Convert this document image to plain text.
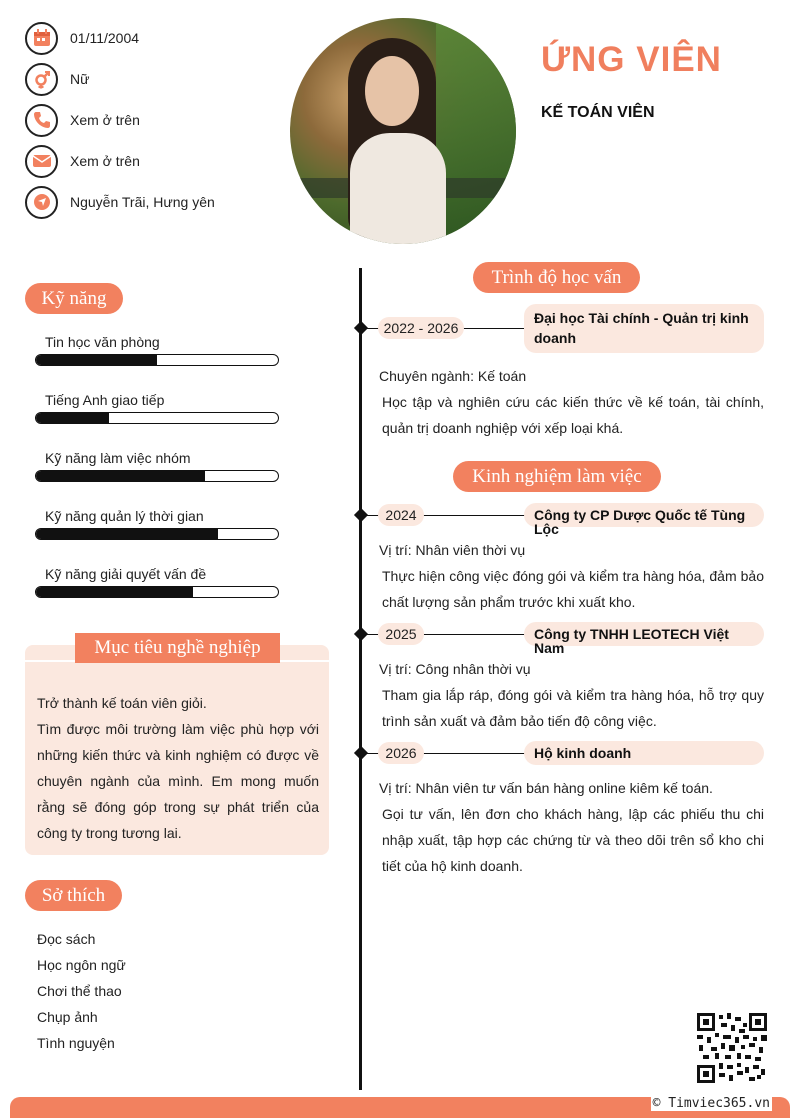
01/11/2004
Nữ
Xem ở trên
Xem ở trên
Nguyễn Trãi, Hưng yên
ỨNG VIÊN
KẾ TOÁN VIÊN
Kỹ năng
Tin học văn phòng
Tiếng Anh giao tiếp
Kỹ năng làm việc nhóm
Kỹ năng quản lý thời gian
Kỹ năng giải quyết vấn đề
Mục tiêu nghề nghiệp

Trở thành kế toán viên giỏi.

Tìm được môi trường làm việc phù hợp với những kiến thức và kinh nghiệm có được về chuyên ngành của mình. Em mong muốn rằng sẽ đóng góp trong sự phát triển của công ty trong tương lai.

Sở thích
Đọc sách
Học ngôn ngữ
Chơi thể thao
Chụp ảnh
Tình nguyện
Trình độ học vấn
2022 - 2026
Đại học Tài chính - Quản trị kinh doanh
Chuyên ngành: Kế toán
Học tập và nghiên cứu các kiến thức về kế toán, tài chính, quản trị doanh nghiệp với xếp loại khá.
Kinh nghiệm làm việc
2024	Công ty CP Dược Quốc tế Tùng Lộc
Vị trí: Nhân viên thời vụ
Thực hiện công việc đóng gói và kiểm tra hàng hóa, đảm bảo chất lượng sản phẩm trước khi xuất kho.
2025	Công ty TNHH LEOTECH Việt Nam
Vị trí: Công nhân thời vụ
Tham gia lắp ráp, đóng gói và kiểm tra hàng hóa, hỗ trợ quy trình sản xuất và đảm bảo tiến độ công việc.
2026	Hộ kinh doanh
Vị trí: Nhân viên tư vấn bán hàng online kiêm kế toán.
Gọi tư vấn, lên đơn cho khách hàng, lập các phiếu thu chi nhập xuất, tập hợp các chứng từ và theo dõi trên sổ kho chi tiết của hộ kinh doanh.
© Timviec365.vn
